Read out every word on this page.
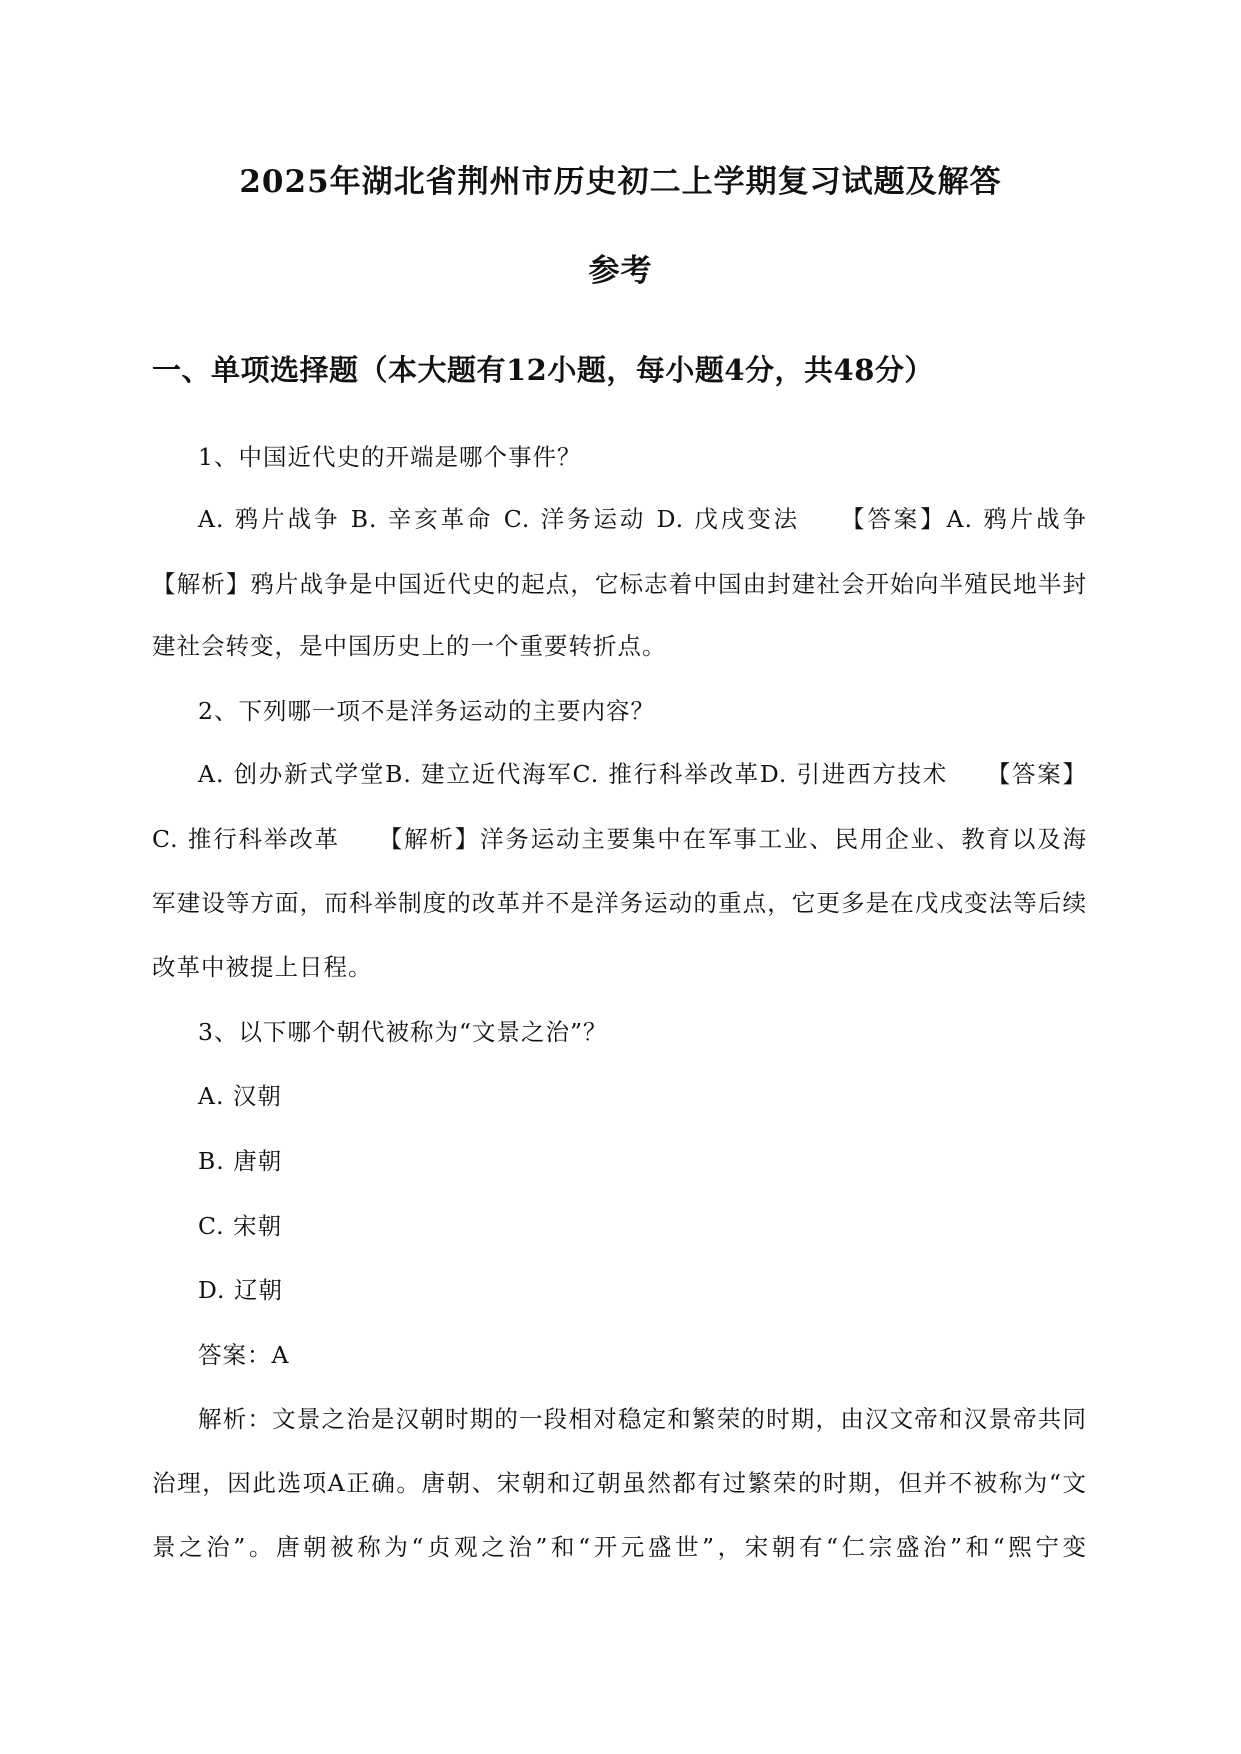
2025年湖北省荆州市历史初二上学期复习试题及解答
参考
一、单项选择题（本大题有12小题，每小题4分，共48分）
1、中国近代史的开端是哪个事件？
A. 鸦片战争 B. 辛亥革命 C. 洋务运动 D. 戊戌变法　　【答案】A. 鸦片战争
【解析】鸦片战争是中国近代史的起点，它标志着中国由封建社会开始向半殖民地半封
建社会转变，是中国历史上的一个重要转折点。
2、下列哪一项不是洋务运动的主要内容？
A. 创办新式学堂B. 建立近代海军C. 推行科举改革D. 引进西方技术　　【答案】
C. 推行科举改革　　【解析】洋务运动主要集中在军事工业、民用企业、教育以及海
军建设等方面，而科举制度的改革并不是洋务运动的重点，它更多是在戊戌变法等后续
改革中被提上日程。
3、以下哪个朝代被称为“文景之治”？
A. 汉朝
B. 唐朝
C. 宋朝
D. 辽朝
答案：A
解析：文景之治是汉朝时期的一段相对稳定和繁荣的时期，由汉文帝和汉景帝共同
治理，因此选项A正确。唐朝、宋朝和辽朝虽然都有过繁荣的时期，但并不被称为“文
景之治”。唐朝被称为“贞观之治”和“开元盛世”，宋朝有“仁宗盛治”和“熙宁变
